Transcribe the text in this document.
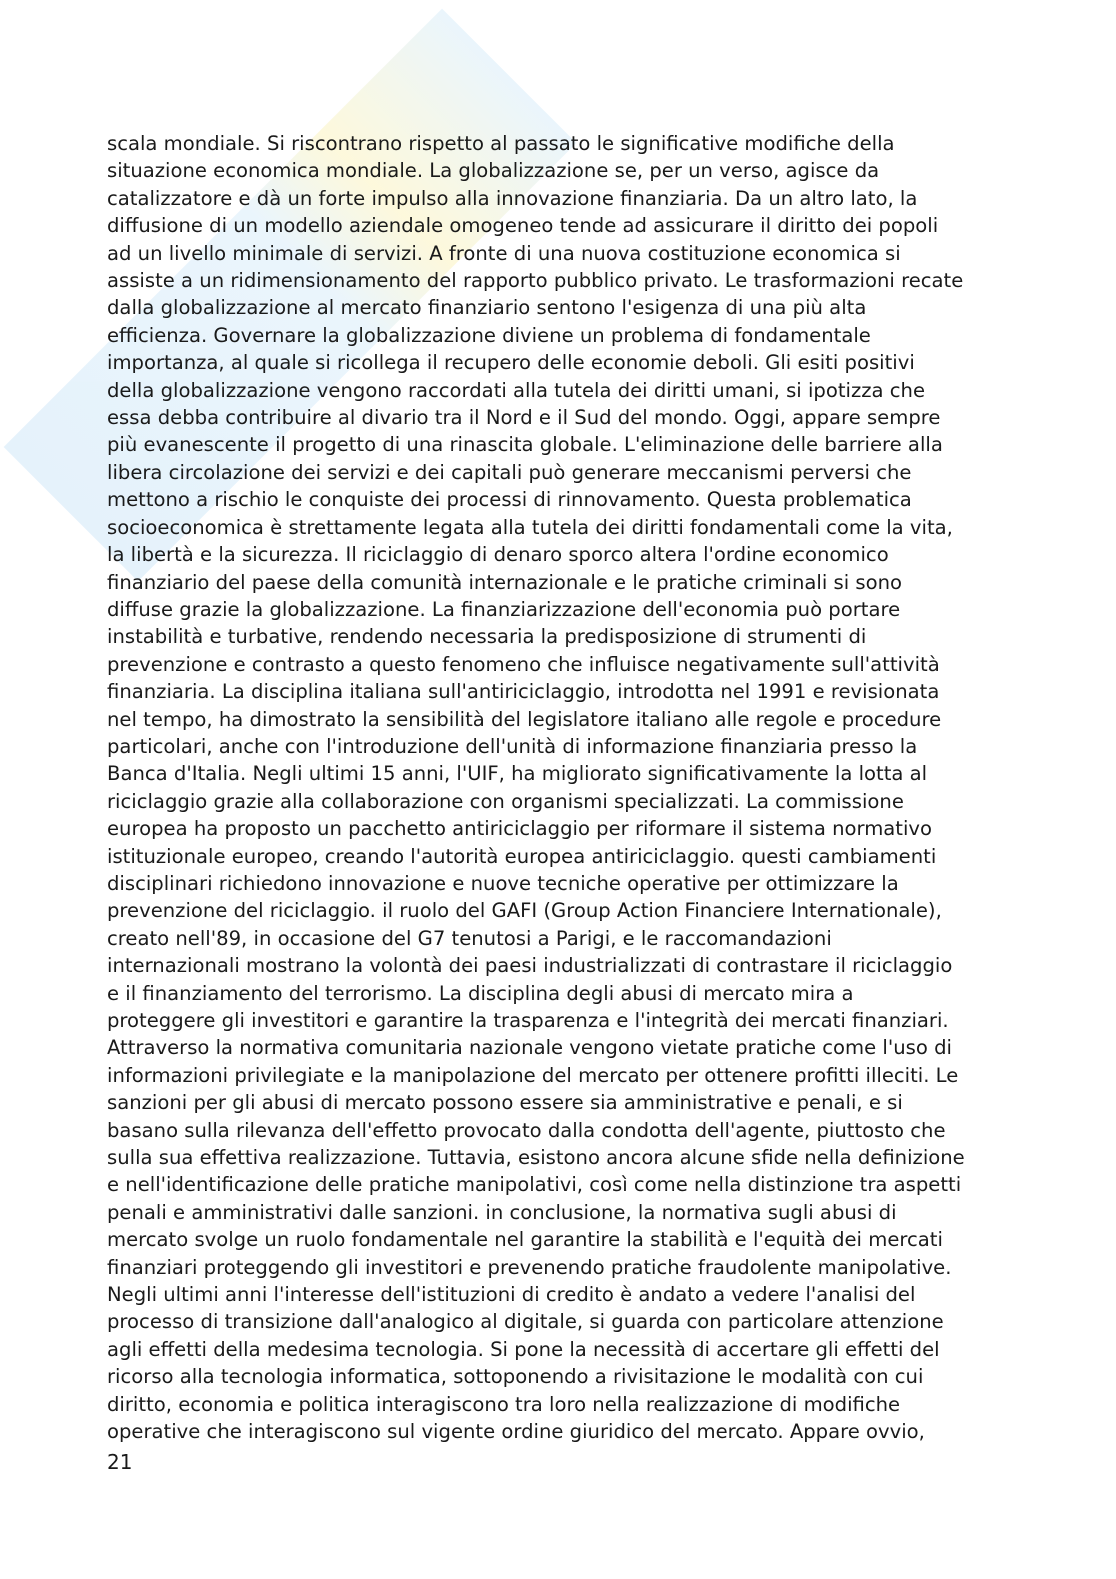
scala mondiale. Si riscontrano rispetto al passato le significative modifiche della
situazione economica mondiale. La globalizzazione se, per un verso, agisce da
catalizzatore e dà un forte impulso alla innovazione finanziaria. Da un altro lato, la
diffusione di un modello aziendale omogeneo tende ad assicurare il diritto dei popoli
ad un livello minimale di servizi. A fronte di una nuova costituzione economica si
assiste a un ridimensionamento del rapporto pubblico privato. Le trasformazioni recate
dalla globalizzazione al mercato finanziario sentono l'esigenza di una più alta
efficienza. Governare la globalizzazione diviene un problema di fondamentale
importanza, al quale si ricollega il recupero delle economie deboli. Gli esiti positivi
della globalizzazione vengono raccordati alla tutela dei diritti umani, si ipotizza che
essa debba contribuire al divario tra il Nord e il Sud del mondo. Oggi, appare sempre
più evanescente il progetto di una rinascita globale. L'eliminazione delle barriere alla
libera circolazione dei servizi e dei capitali può generare meccanismi perversi che
mettono a rischio le conquiste dei processi di rinnovamento. Questa problematica
socioeconomica è strettamente legata alla tutela dei diritti fondamentali come la vita,
la libertà e la sicurezza. Il riciclaggio di denaro sporco altera l'ordine economico
finanziario del paese della comunità internazionale e le pratiche criminali si sono
diffuse grazie la globalizzazione. La finanziarizzazione dell'economia può portare
instabilità e turbative, rendendo necessaria la predisposizione di strumenti di
prevenzione e contrasto a questo fenomeno che influisce negativamente sull'attività
finanziaria. La disciplina italiana sull'antiriciclaggio, introdotta nel 1991 e revisionata
nel tempo, ha dimostrato la sensibilità del legislatore italiano alle regole e procedure
particolari, anche con l'introduzione dell'unità di informazione finanziaria presso la
Banca d'Italia. Negli ultimi 15 anni, l'UIF, ha migliorato significativamente la lotta al
riciclaggio grazie alla collaborazione con organismi specializzati. La commissione
europea ha proposto un pacchetto antiriciclaggio per riformare il sistema normativo
istituzionale europeo, creando l'autorità europea antiriciclaggio. questi cambiamenti
disciplinari richiedono innovazione e nuove tecniche operative per ottimizzare la
prevenzione del riciclaggio. il ruolo del GAFI (Group Action Financiere Internationale),
creato nell'89, in occasione del G7 tenutosi a Parigi, e le raccomandazioni
internazionali mostrano la volontà dei paesi industrializzati di contrastare il riciclaggio
e il finanziamento del terrorismo. La disciplina degli abusi di mercato mira a
proteggere gli investitori e garantire la trasparenza e l'integrità dei mercati finanziari.
Attraverso la normativa comunitaria nazionale vengono vietate pratiche come l'uso di
informazioni privilegiate e la manipolazione del mercato per ottenere profitti illeciti. Le
sanzioni per gli abusi di mercato possono essere sia amministrative e penali, e si
basano sulla rilevanza dell'effetto provocato dalla condotta dell'agente, piuttosto che
sulla sua effettiva realizzazione. Tuttavia, esistono ancora alcune sfide nella definizione
e nell'identificazione delle pratiche manipolativi, così come nella distinzione tra aspetti
penali e amministrativi dalle sanzioni. in conclusione, la normativa sugli abusi di
mercato svolge un ruolo fondamentale nel garantire la stabilità e l'equità dei mercati
finanziari proteggendo gli investitori e prevenendo pratiche fraudolente manipolative.
Negli ultimi anni l'interesse dell'istituzioni di credito è andato a vedere l'analisi del
processo di transizione dall'analogico al digitale, si guarda con particolare attenzione
agli effetti della medesima tecnologia. Si pone la necessità di accertare gli effetti del
ricorso alla tecnologia informatica, sottoponendo a rivisitazione le modalità con cui
diritto, economia e politica interagiscono tra loro nella realizzazione di modifiche
operative che interagiscono sul vigente ordine giuridico del mercato. Appare ovvio,
21
